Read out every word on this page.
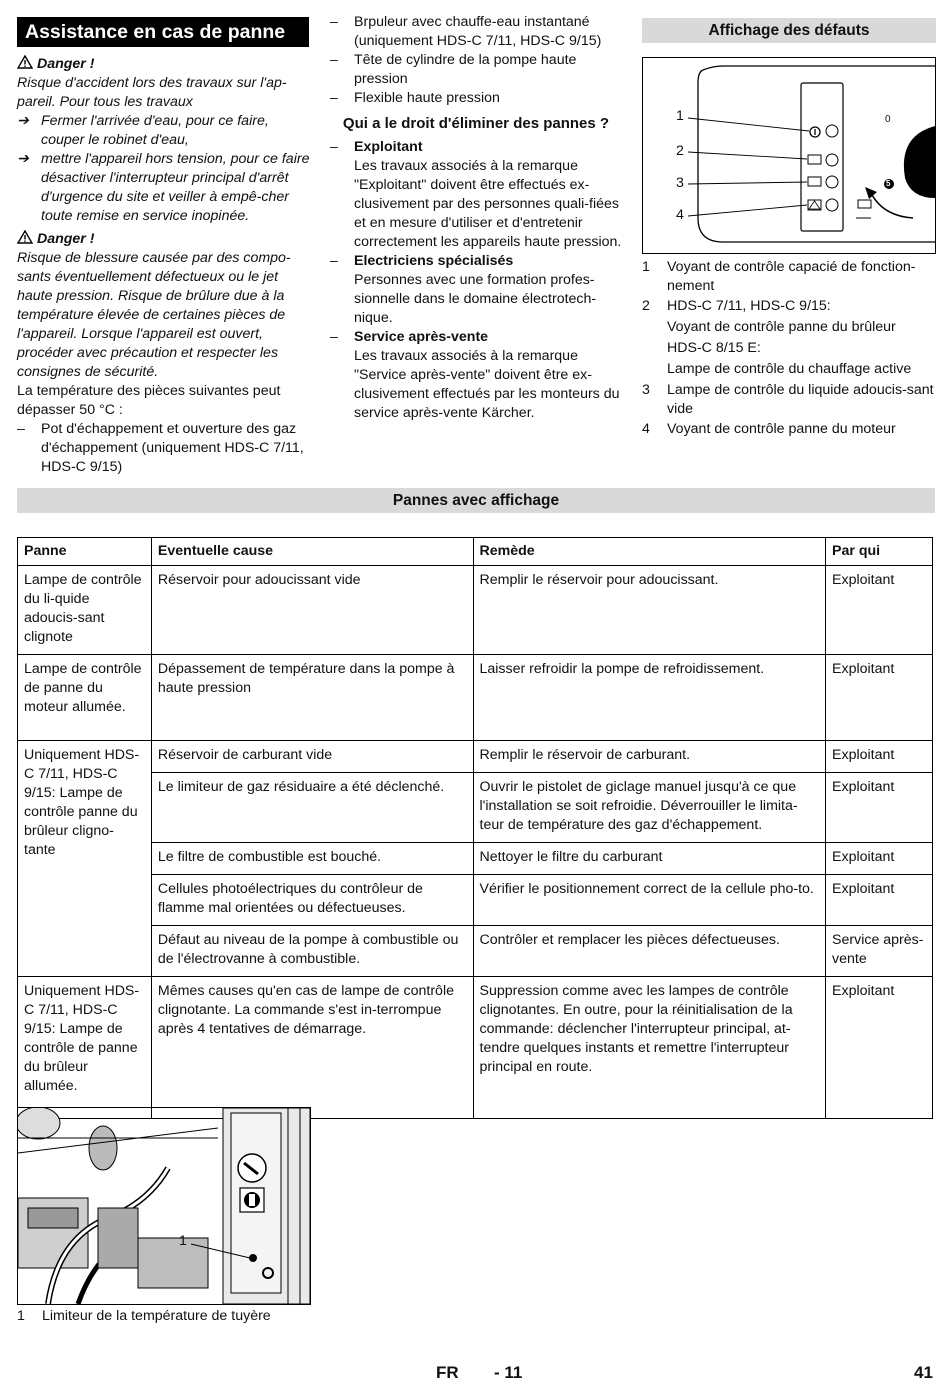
Assistance en cas de panne

Danger !

Risque d'accident lors des travaux sur l'ap-pareil. Pour tous les travaux

➔ Fermer l'arrivée d'eau, pour ce faire, couper le robinet d'eau,
➔ mettre l'appareil hors tension, pour ce faire désactiver l'interrupteur principal d'arrêt d'urgence du site et veiller à empê-cher toute remise en service inopinée.

Danger !

Risque de blessure causée par des compo-sants éventuellement défectueux ou le jet haute pression. Risque de brûlure due à la température élevée de certaines pièces de l'appareil. Lorsque l'appareil est ouvert, procéder avec précaution et respecter les consignes de sécurité.

La température des pièces suivantes peut dépasser 50 °C :

–	Pot d'échappement et ouverture des gaz d'échappement (uniquement HDS-C 7/11, HDS-C 9/15)
–	Brpuleur avec chauffe-eau instantané (uniquement HDS-C 7/11, HDS-C 9/15)
–	Tête de cylindre de la pompe haute pression
–	Flexible haute pression
Qui a le droit d'éliminer des pannes ?
–	Exploitant

Les travaux associés à la remarque "Exploitant" doivent être effectués ex-clusivement par des personnes quali-fiées et en mesure d'utiliser et d'entretenir correctement les appareils haute pression.

–	Electriciens spécialisés

Personnes avec une formation profes-sionnelle dans le domaine électrotech-nique.

–	Service après-vente

Les travaux associés à la remarque "Service après-vente" doivent être ex-clusivement effectués par les monteurs du service après-vente Kärcher.

Affichage des défauts
0
5
1
2
3
4
1	Voyant de contrôle capacié de fonction-nement
2	HDS-C 7/11, HDS-C 9/15:
Voyant de contrôle panne du brûleur
HDS-C 8/15 E:
Lampe de contrôle du chauffage active
3	Lampe de contrôle du liquide adoucis-sant vide
4	Voyant de contrôle panne du moteur
Pannes avec affichage
Panne	Eventuelle cause	Remède	Par qui
Lampe de contrôle du li-quide adoucis-sant clignote	Réservoir pour adoucissant vide	Remplir le réservoir pour adoucissant.	Exploitant
Lampe de contrôle de panne du moteur allumée.	Dépassement de température dans la pompe à haute pression	Laisser refroidir la pompe de refroidissement.	Exploitant
Uniquement HDS-C 7/11, HDS-C 9/15: Lampe de contrôle panne du brûleur cligno-tante	Réservoir de carburant vide	Remplir le réservoir de carburant.	Exploitant
	Le limiteur de gaz résiduaire a été déclenché.	Ouvrir le pistolet de giclage manuel jusqu'à ce que l'installation se soit refroidie. Déverrouiller le limita-teur de température des gaz d'échappement.	Exploitant
	Le filtre de combustible est bouché.	Nettoyer le filtre du carburant	Exploitant
	Cellules photoélectriques du contrôleur de flamme mal orientées ou défectueuses.	Vérifier le positionnement correct de la cellule pho-to.	Exploitant
	Défaut au niveau de la pompe à combustible ou de l'électrovanne à combustible.	Contrôler et remplacer les pièces défectueuses.	Service après-vente
Uniquement HDS-C 7/11, HDS-C 9/15: Lampe de contrôle de panne du brûleur allumée.	Mêmes causes qu'en cas de lampe de contrôle clignotante. La commande s'est in-terrompue après 4 tentatives de démarrage.	Suppression comme avec les lampes de contrôle clignotantes. En outre, pour la réinitialisation de la commande: déclencher l'interrupteur principal, at-tendre quelques instants et remettre l'interrupteur principal en route.	Exploitant
1
1	Limiteur de la température de tuyère
FR - 11	41
